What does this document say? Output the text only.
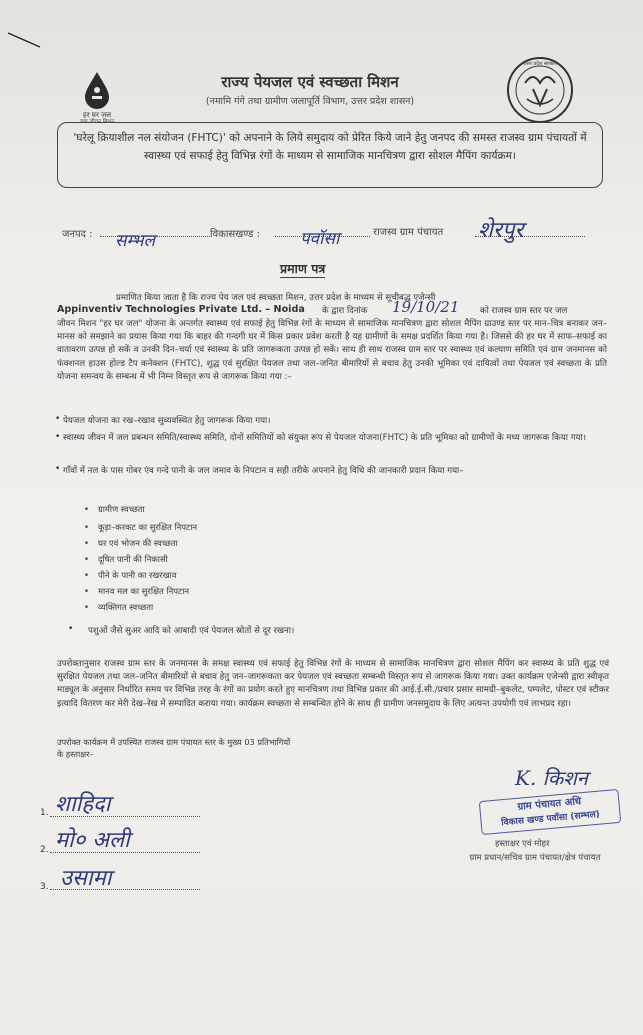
हर घर जल
जल जीवन मिशन
राज्य पेयजल एवं स्वच्छता मिशन
(नमामि गंगे तथा ग्रामीण जलापूर्ति विभाग, उत्तर प्रदेश शासन)
उत्तर प्रदेश सरकार
'घरेलू क्रियाशील नल संयोजन (FHTC)' को अपनाने के लिये समुदाय को प्रेरित किये जाने हेतु जनपद की समस्त राजस्व ग्राम पंचायतों में स्वास्थ्य एवं सफाई हेतु विभिन्न रंगों के माध्यम से सामाजिक मानचित्रण द्वारा सोशल मैपिंग कार्यक्रम।
जनपद : सम्भल	विकासखण्ड : पवॉसा	राजस्व ग्राम पंचायत शेरपुर
प्रमाण पत्र
प्रमाणित किया जाता है कि राज्य पेय जल एवं स्वच्छता मिशन, उत्तर प्रदेश के माध्यम से सूचीबद्ध एजेन्सी
Appinventiv Technologies Private Ltd. – Noida के द्वारा दिनांक 19/10/21 को राजस्व ग्राम स्तर पर जल
जीवन मिशन "हर घर जल" योजना के अन्तर्गत स्वास्थ्य एवं सफाई हेतु विभिन्न रंगों के माध्यम से सामाजिक मानचित्रण द्वारा सोशल मैपिंग ग्राउण्ड स्तर पर मान–चित्र बनाकर जन–मानस को समझाने का प्रयास किया गया कि बाहर की गन्दगी घर में किस प्रकार प्रवेश करती है यह ग्रामीणों के समक्ष प्रदर्शित किया गया है। जिससे की हर घर में साफ–सफाई का वातावरण उत्पन्न हो सकें व उनकी दिन–चर्या एवं स्वास्थ्य के प्रति जागरूकता उत्पन्न हो सकें। साथ ही साथ राजस्व ग्राम स्तर पर स्वास्थ्य एवं कल्याण समिति एवं ग्राम जनमानस को फंक्शनल हाउस होल्ड टैप कनेक्शन (FHTC), शुद्ध एवं सुरक्षित पेयजल तथा जल–जनित बीमारियों से बचाव हेतु उनकी भूमिका एवं दायित्वों तथा पेयजल एवं स्वच्छता के प्रति योजना समन्वय के सम्बन्ध में भी निम्न विस्तृत रूप से जागरूक किया गया :–
• पेयजल योजना का रख–रखाव सुव्यवस्थित हेतु जागरूक किया गया।
• स्वास्थ्य जीवन में जल प्रबन्धन समिति/स्वास्थ्य समिति, दोनों समितियों को संयुक्त रूप से पेयजल योजना(FHTC) के प्रति भूमिका को ग्रामीणों के मध्य जागरूक किया गया।
• गाँवों में नल के पास गोबर एंव गन्दे पानी के जल जमाव के निपटान व सही तरीके अपनाने हेतु विधि की जानकारी प्रदान किया गया–
• ग्रामीण स्वच्छता
• कूड़ा–करकट का सुरक्षित निपटान
• घर एवं भोजन की स्वच्छता
• दूषित पानी की निकासी
• पीने के पानी का रखरखाव
• मानव मल का सुरक्षित निपटान
• व्यक्तिगत स्वच्छता
• पशुओं जैसे सुअर आदि को आबादी एवं पेयजल स्रोतों से दूर रखना।
उपरोक्तानुसार राजस्व ग्राम स्तर के जनमानस के समक्ष स्वास्थ्य एवं सफाई हेतु विभिन्न रंगों के माध्यम से सामाजिक मानचित्रण द्वारा सोशल मैपिंग कर स्वास्थ्य के प्रति शुद्ध एवं सुरक्षित पेयजल तथा जल–जनित बीमारियों से बचाव हेतु जन–जागरूकता कर पेयजल एवं स्वच्छता सम्बन्धी विस्तृत रूप से जागरूक किया गया। उक्त कार्यक्रम एजेन्सी द्वारा स्वीकृत माड्यूल के अनुसार निर्धारित समय पर विभिन्न तरह के रंगों का प्रयोग करते हुए मानचित्रण तथा विभिन्न प्रकार की आई.ई.सी./प्रचार प्रसार सामग्री–बुकलेट, पम्पलेट, पोस्टर एवं स्टीकर इत्यादि वितरण कर मेरी देख–रेख में सम्पादित कराया गया। कार्यक्रम स्वच्छता से सम्बन्धित होने के साथ ही ग्रामीण जनसमुदाय के लिए अत्यन्त उपयोगी एवं लाभप्रद रहा।
उपरोक्त कार्यक्रम में उपस्थित राजस्व ग्राम पंचायत स्तर के मुख्य 03 प्रतिभागियों के हस्ताक्षर–
1. शाहिदा
2. मो० अली
3. उसामा
K. किशन
ग्राम पंचायत अधि
विकास खण्ड पवॉसा (सम्भल)
हस्ताक्षर एवं मोहर
ग्राम प्रधान/सचिव ग्राम पंचायत/क्षेत्र पंचायत
